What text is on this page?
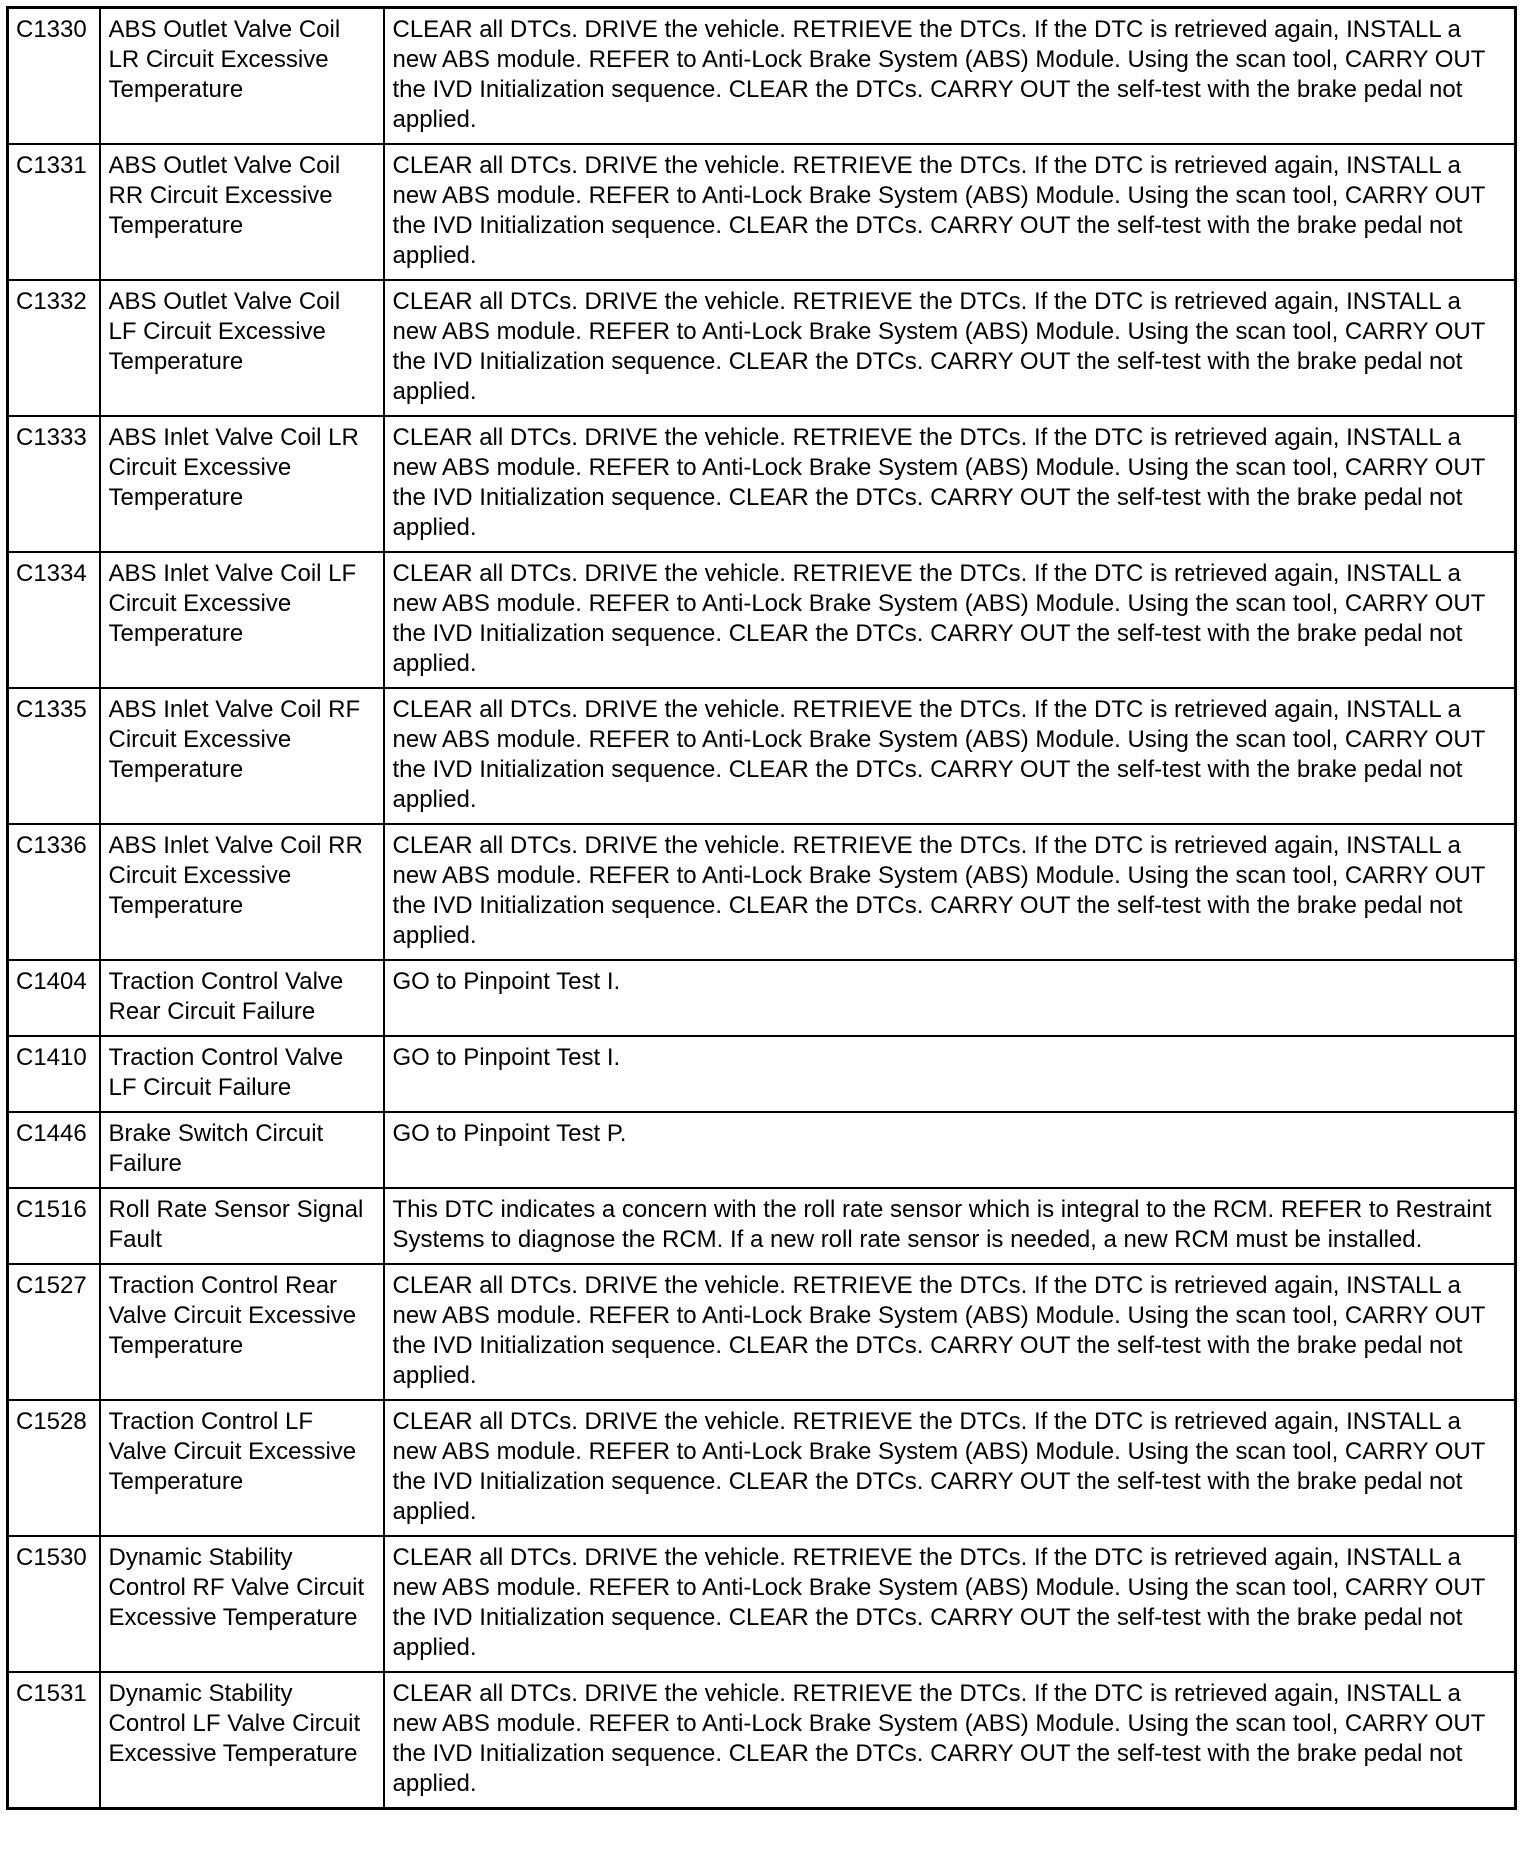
C1330	ABS Outlet Valve Coil LR Circuit Excessive Temperature	CLEAR all DTCs. DRIVE the vehicle. RETRIEVE the DTCs. If the DTC is retrieved again, INSTALL a new ABS module. REFER to Anti-Lock Brake System (ABS) Module. Using the scan tool, CARRY OUT the IVD Initialization sequence. CLEAR the DTCs. CARRY OUT the self-test with the brake pedal not applied.
C1331	ABS Outlet Valve Coil RR Circuit Excessive Temperature	CLEAR all DTCs. DRIVE the vehicle. RETRIEVE the DTCs. If the DTC is retrieved again, INSTALL a new ABS module. REFER to Anti-Lock Brake System (ABS) Module. Using the scan tool, CARRY OUT the IVD Initialization sequence. CLEAR the DTCs. CARRY OUT the self-test with the brake pedal not applied.
C1332	ABS Outlet Valve Coil LF Circuit Excessive Temperature	CLEAR all DTCs. DRIVE the vehicle. RETRIEVE the DTCs. If the DTC is retrieved again, INSTALL a new ABS module. REFER to Anti-Lock Brake System (ABS) Module. Using the scan tool, CARRY OUT the IVD Initialization sequence. CLEAR the DTCs. CARRY OUT the self-test with the brake pedal not applied.
C1333	ABS Inlet Valve Coil LR Circuit Excessive Temperature	CLEAR all DTCs. DRIVE the vehicle. RETRIEVE the DTCs. If the DTC is retrieved again, INSTALL a new ABS module. REFER to Anti-Lock Brake System (ABS) Module. Using the scan tool, CARRY OUT the IVD Initialization sequence. CLEAR the DTCs. CARRY OUT the self-test with the brake pedal not applied.
C1334	ABS Inlet Valve Coil LF Circuit Excessive Temperature	CLEAR all DTCs. DRIVE the vehicle. RETRIEVE the DTCs. If the DTC is retrieved again, INSTALL a new ABS module. REFER to Anti-Lock Brake System (ABS) Module. Using the scan tool, CARRY OUT the IVD Initialization sequence. CLEAR the DTCs. CARRY OUT the self-test with the brake pedal not applied.
C1335	ABS Inlet Valve Coil RF Circuit Excessive Temperature	CLEAR all DTCs. DRIVE the vehicle. RETRIEVE the DTCs. If the DTC is retrieved again, INSTALL a new ABS module. REFER to Anti-Lock Brake System (ABS) Module. Using the scan tool, CARRY OUT the IVD Initialization sequence. CLEAR the DTCs. CARRY OUT the self-test with the brake pedal not applied.
C1336	ABS Inlet Valve Coil RR Circuit Excessive Temperature	CLEAR all DTCs. DRIVE the vehicle. RETRIEVE the DTCs. If the DTC is retrieved again, INSTALL a new ABS module. REFER to Anti-Lock Brake System (ABS) Module. Using the scan tool, CARRY OUT the IVD Initialization sequence. CLEAR the DTCs. CARRY OUT the self-test with the brake pedal not applied.
C1404	Traction Control Valve Rear Circuit Failure	GO to Pinpoint Test I.
C1410	Traction Control Valve LF Circuit Failure	GO to Pinpoint Test I.
C1446	Brake Switch Circuit Failure	GO to Pinpoint Test P.
C1516	Roll Rate Sensor Signal Fault	This DTC indicates a concern with the roll rate sensor which is integral to the RCM. REFER to Restraint Systems to diagnose the RCM. If a new roll rate sensor is needed, a new RCM must be installed.
C1527	Traction Control Rear Valve Circuit Excessive Temperature	CLEAR all DTCs. DRIVE the vehicle. RETRIEVE the DTCs. If the DTC is retrieved again, INSTALL a new ABS module. REFER to Anti-Lock Brake System (ABS) Module. Using the scan tool, CARRY OUT the IVD Initialization sequence. CLEAR the DTCs. CARRY OUT the self-test with the brake pedal not applied.
C1528	Traction Control LF Valve Circuit Excessive Temperature	CLEAR all DTCs. DRIVE the vehicle. RETRIEVE the DTCs. If the DTC is retrieved again, INSTALL a new ABS module. REFER to Anti-Lock Brake System (ABS) Module. Using the scan tool, CARRY OUT the IVD Initialization sequence. CLEAR the DTCs. CARRY OUT the self-test with the brake pedal not applied.
C1530	Dynamic Stability Control RF Valve Circuit Excessive Temperature	CLEAR all DTCs. DRIVE the vehicle. RETRIEVE the DTCs. If the DTC is retrieved again, INSTALL a new ABS module. REFER to Anti-Lock Brake System (ABS) Module. Using the scan tool, CARRY OUT the IVD Initialization sequence. CLEAR the DTCs. CARRY OUT the self-test with the brake pedal not applied.
C1531	Dynamic Stability Control LF Valve Circuit Excessive Temperature	CLEAR all DTCs. DRIVE the vehicle. RETRIEVE the DTCs. If the DTC is retrieved again, INSTALL a new ABS module. REFER to Anti-Lock Brake System (ABS) Module. Using the scan tool, CARRY OUT the IVD Initialization sequence. CLEAR the DTCs. CARRY OUT the self-test with the brake pedal not applied.
